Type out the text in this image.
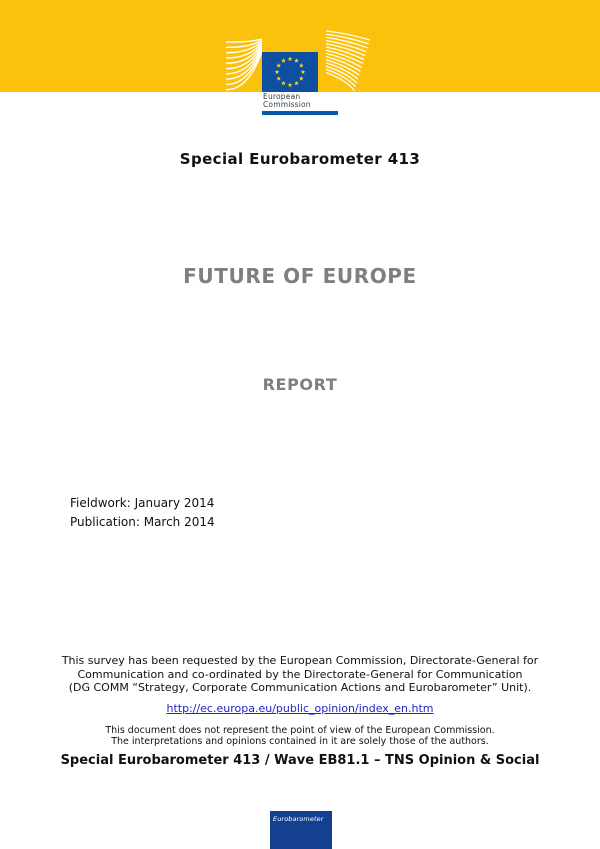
European
Commission
Special Eurobarometer 413
FUTURE OF EUROPE
REPORT
Fieldwork: January 2014
Publication: March 2014
This survey has been requested by the European Commission, Directorate-General for
Communication and co-ordinated by the Directorate-General for Communication
(DG COMM “Strategy, Corporate Communication Actions and Eurobarometer” Unit).
http://ec.europa.eu/public_opinion/index_en.htm
This document does not represent the point of view of the European Commission.
The interpretations and opinions contained in it are solely those of the authors.
Special Eurobarometer 413 / Wave EB81.1 – TNS Opinion & Social
Eurobarometer
